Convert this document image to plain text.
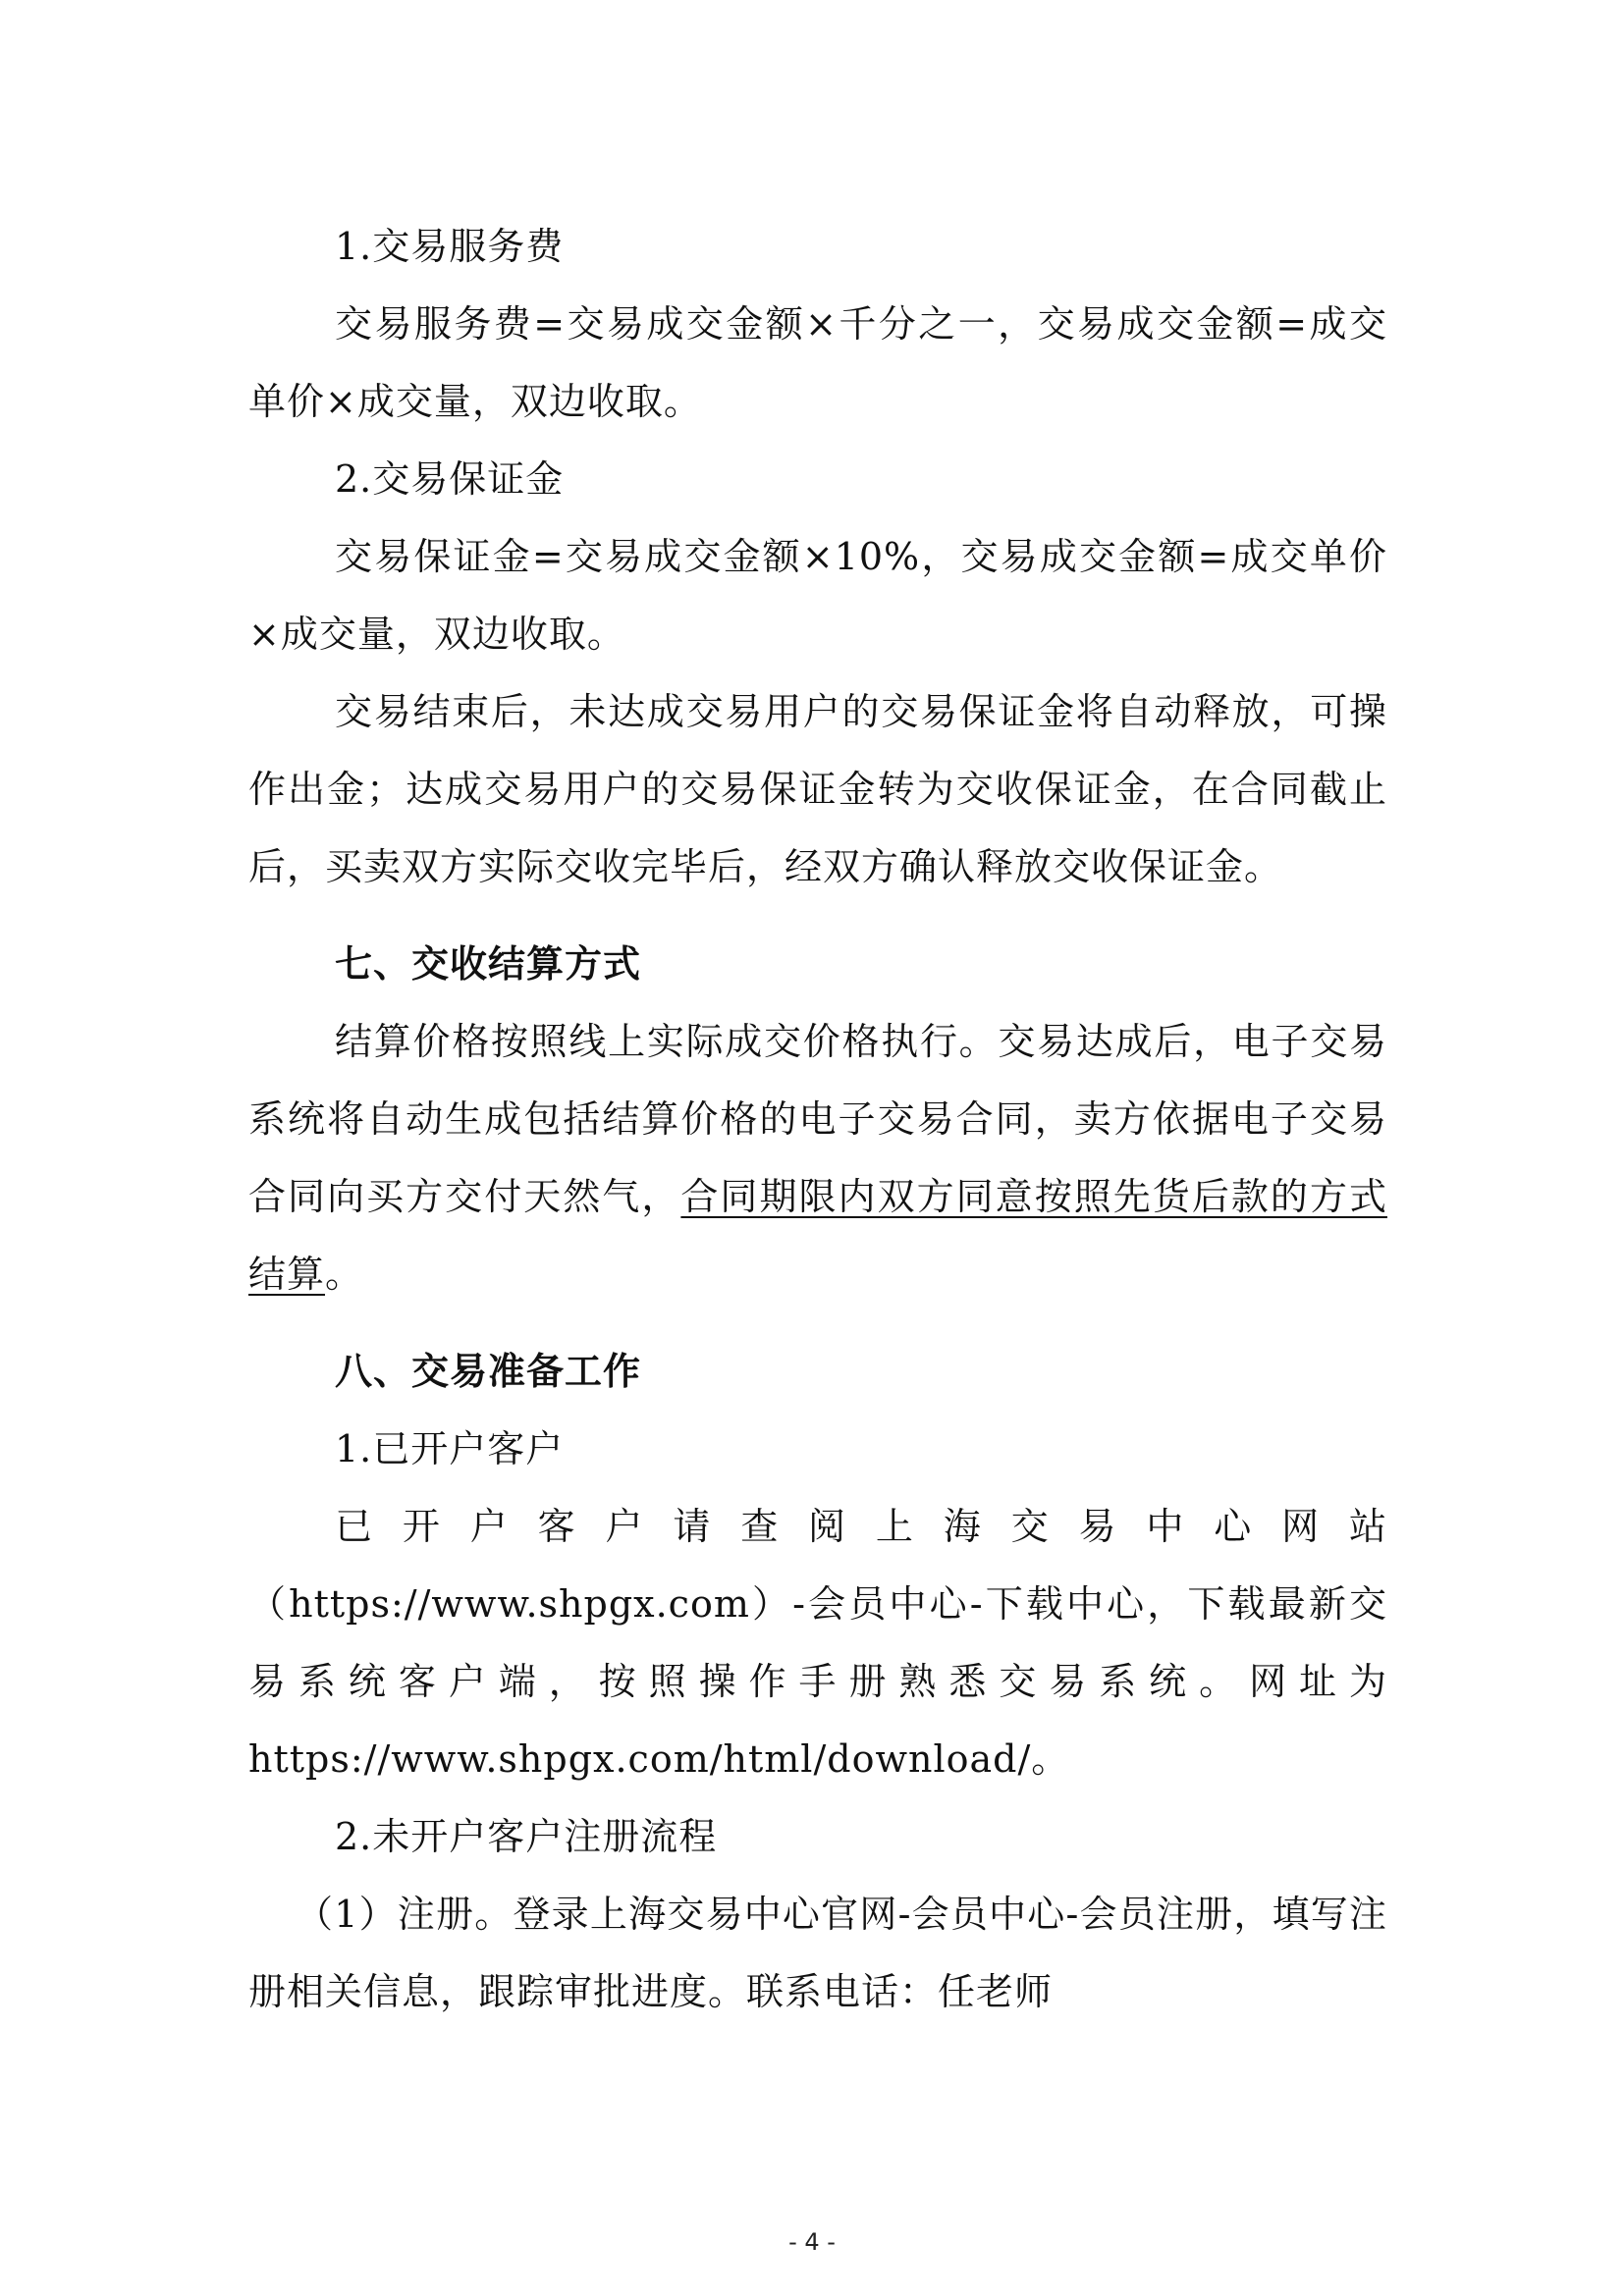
1.交易服务费

交易服务费=交易成交金额×千分之一，交易成交金额=成交单价×成交量，双边收取。

2.交易保证金

交易保证金=交易成交金额×10%，交易成交金额=成交单价×成交量，双边收取。

交易结束后，未达成交易用户的交易保证金将自动释放，可操作出金；达成交易用户的交易保证金转为交收保证金，在合同截止后，买卖双方实际交收完毕后，经双方确认释放交收保证金。

七、交收结算方式

结算价格按照线上实际成交价格执行。交易达成后，电子交易系统将自动生成包括结算价格的电子交易合同，卖方依据电子交易合同向买方交付天然气，合同期限内双方同意按照先货后款的方式结算。

八、交易准备工作

1.已开户客户

已开户客户请查阅上海交易中心网站

（https://www.shpgx.com）-会员中心-下载中心，下载最新交易系统客户端，按照操作手册熟悉交易系统。网址为https://www.shpgx.com/html/download/。

2.未开户客户注册流程

（1）注册。登录上海交易中心官网-会员中心-会员注册，填写注册相关信息，跟踪审批进度。联系电话：任老师

- 4 -
